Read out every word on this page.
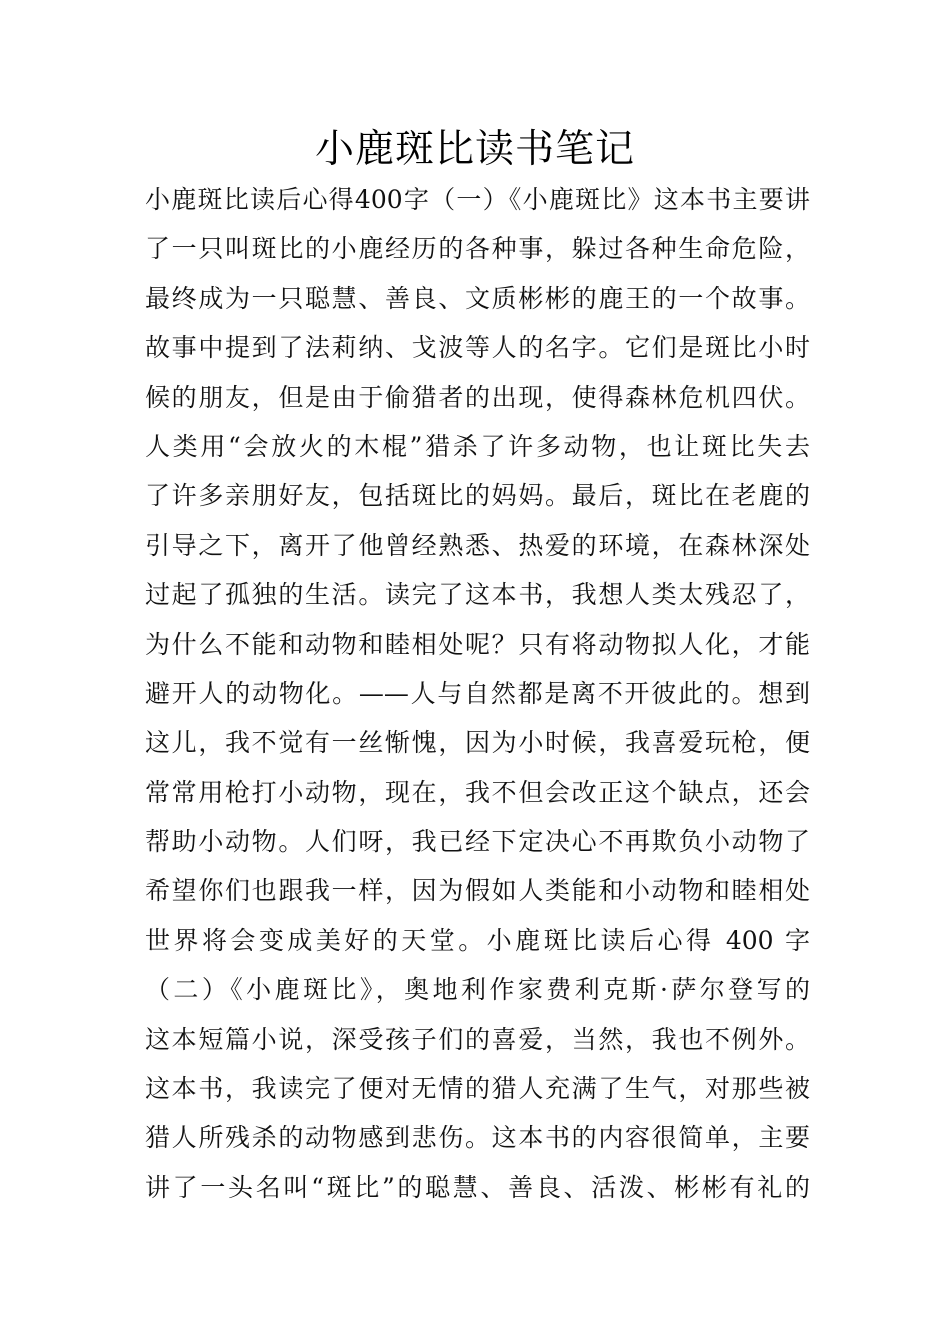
小鹿斑比读书笔记
小鹿斑比读后心得400字（一）《小鹿斑比》这本书主要讲
了一只叫斑比的小鹿经历的各种事，躲过各种生命危险，
最终成为一只聪慧、善良、文质彬彬的鹿王的一个故事。
故事中提到了法莉纳、戈波等人的名字。它们是斑比小时
候的朋友，但是由于偷猎者的出现，使得森林危机四伏。
人类用“会放火的木棍”猎杀了许多动物，也让斑比失去
了许多亲朋好友，包括斑比的妈妈。最后，斑比在老鹿的
引导之下，离开了他曾经熟悉、热爱的环境，在森林深处
过起了孤独的生活。读完了这本书，我想人类太残忍了，
为什么不能和动物和睦相处呢？只有将动物拟人化，才能
避开人的动物化。——人与自然都是离不开彼此的。想到
这儿，我不觉有一丝惭愧，因为小时候，我喜爱玩枪，便
常常用枪打小动物，现在，我不但会改正这个缺点，还会
帮助小动物。人们呀，我已经下定决心不再欺负小动物了
希望你们也跟我一样，因为假如人类能和小动物和睦相处
世界将会变成美好的天堂。小鹿斑比读后心得 400 字
（二）《小鹿斑比》，奥地利作家费利克斯·萨尔登写的
这本短篇小说，深受孩子们的喜爱，当然，我也不例外。
这本书，我读完了便对无情的猎人充满了生气，对那些被
猎人所残杀的动物感到悲伤。这本书的内容很简单，主要
讲了一头名叫“斑比”的聪慧、善良、活泼、彬彬有礼的
